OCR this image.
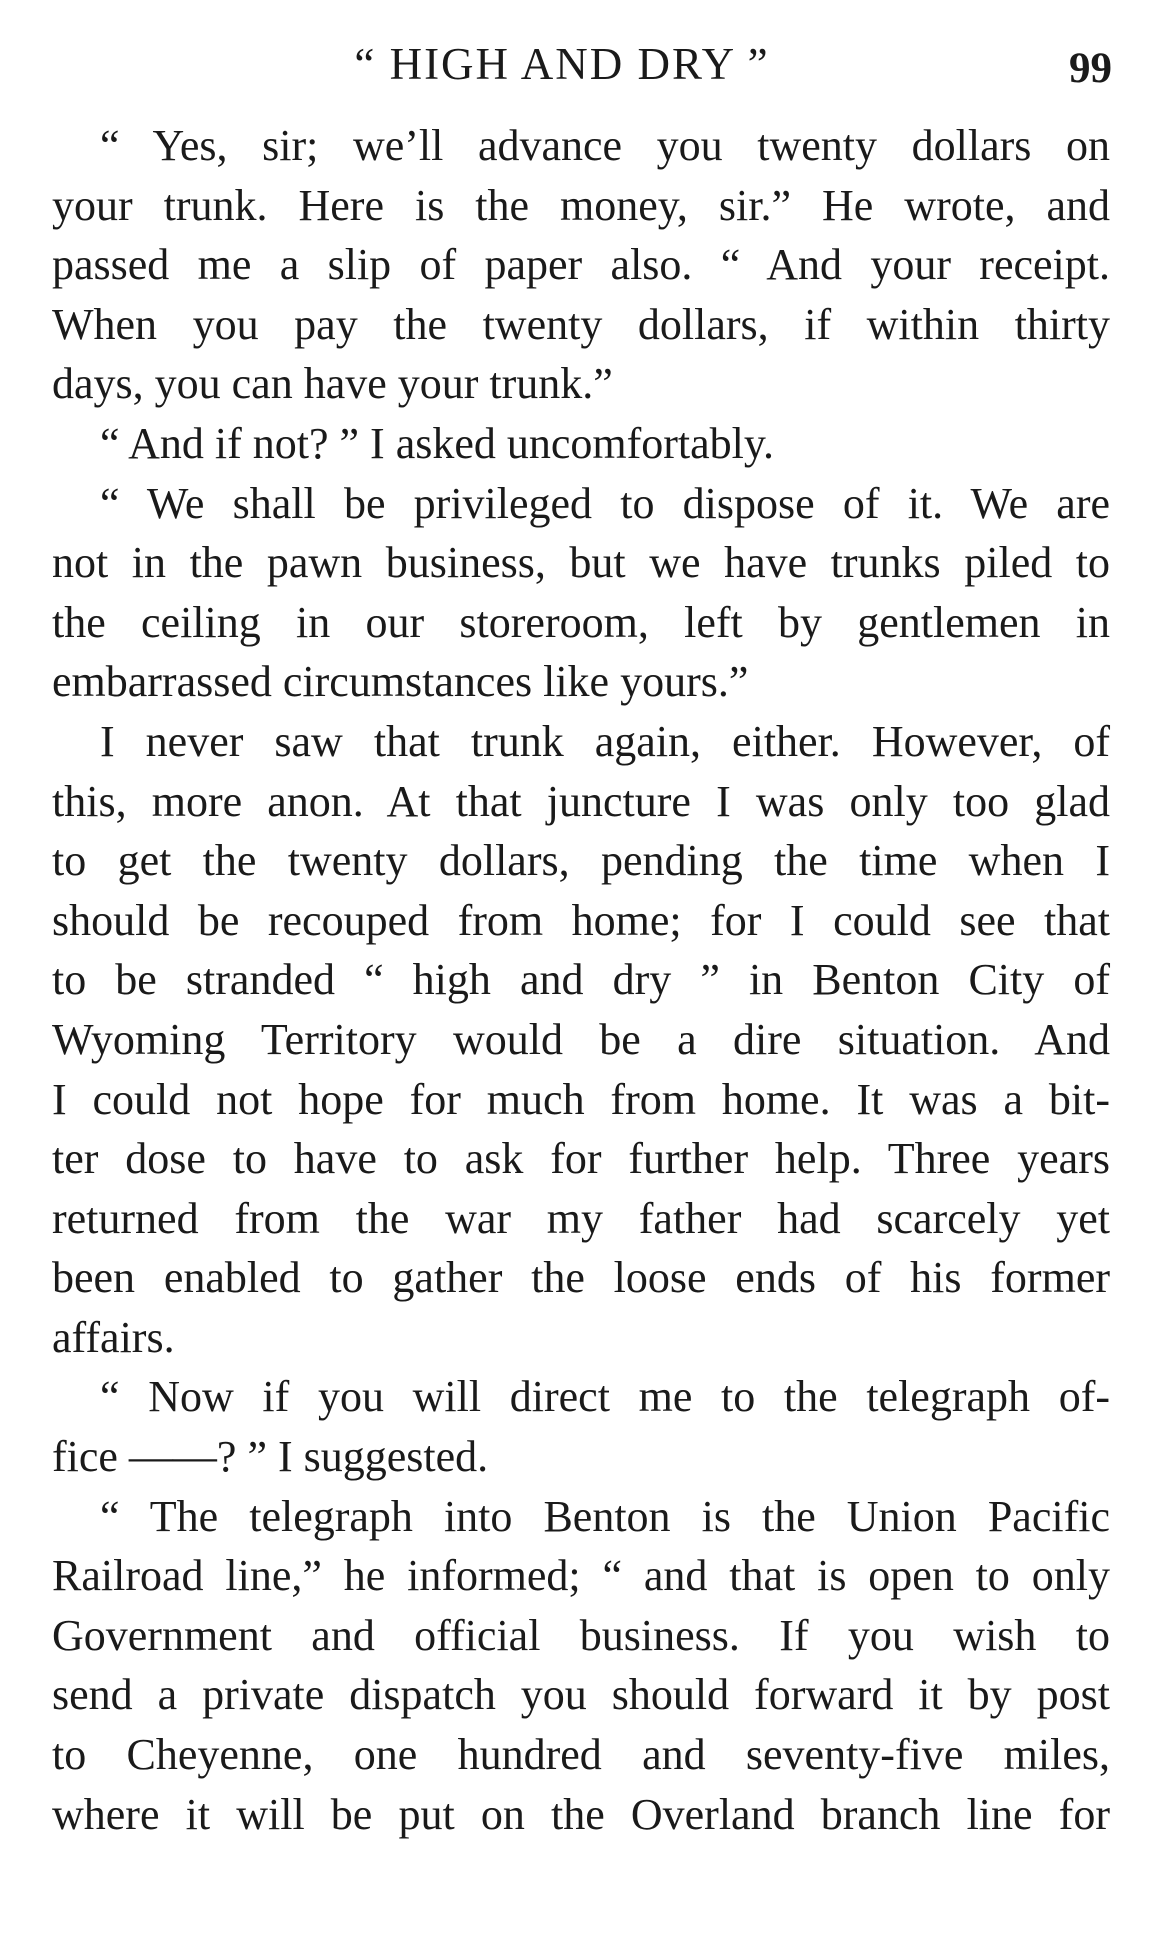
“ HIGH AND DRY ”	99
“ Yes, sir; we’ll advance you twenty dollars on
your trunk. Here is the money, sir.” He wrote, and
passed me a slip of paper also. “ And your receipt.
When you pay the twenty dollars, if within thirty
days, you can have your trunk.”
“ And if not? ” I asked uncomfortably.
“ We shall be privileged to dispose of it. We are
not in the pawn business, but we have trunks piled to
the ceiling in our storeroom, left by gentlemen in
embarrassed circumstances like yours.”
I never saw that trunk again, either. However, of
this, more anon. At that juncture I was only too glad
to get the twenty dollars, pending the time when I
should be recouped from home; for I could see that
to be stranded “ high and dry ” in Benton City of
Wyoming Territory would be a dire situation. And
I could not hope for much from home. It was a bit-
ter dose to have to ask for further help. Three years
returned from the war my father had scarcely yet
been enabled to gather the loose ends of his former
affairs.
“ Now if you will direct me to the telegraph of-
fice ——? ” I suggested.
“ The telegraph into Benton is the Union Pacific
Railroad line,” he informed; “ and that is open to only
Government and official business. If you wish to
send a private dispatch you should forward it by post
to Cheyenne, one hundred and seventy-five miles,
where it will be put on the Overland branch line for
